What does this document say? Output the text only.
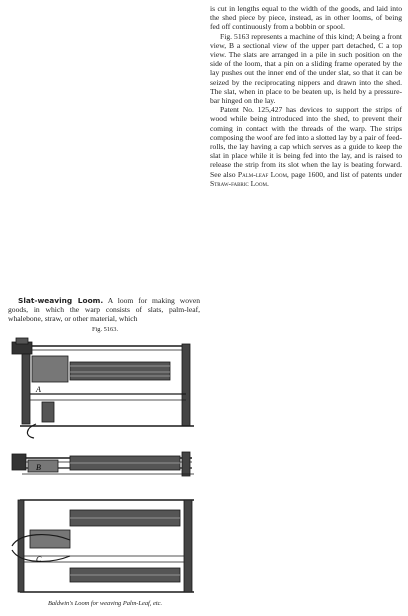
is cut in lengths equal to the width of the goods, and laid into the shed piece by piece, instead, as in other looms, of being fed off continuously from a bobbin or spool.

Fig. 5163 represents a machine of this kind; A being a front view, B a sectional view of the upper part detached, C a top view. The slats are arranged in a pile in such position on the side of the loom, that a pin on a sliding frame operated by the lay pushes out the inner end of the under slat, so that it can be seized by the reciprocating nippers and drawn into the shed. The slat, when in place to be beaten up, is held by a pressure-bar hinged on the lay.

Patent No. 125,427 has devices to support the strips of wood while being introduced into the shed, to prevent their coming in contact with the threads of the warp. The strips composing the woof are fed into a slotted lay by a pair of feed-rolls, the lay having a cap which serves as a guide to keep the slat in place while it is being fed into the lay, and is raised to release the strip from its slot when the lay is beating forward. See also Palm-leaf Loom, page 1600, and list of patents under Straw-fabric Loom.

Slat-weaving Loom. A loom for making woven goods, in which the warp consists of slats, palm-leaf, whalebone, straw, or other material, which

Fig. 5163.
A
B
C
Baldwin's Loom for weaving Palm-Leaf, etc.
